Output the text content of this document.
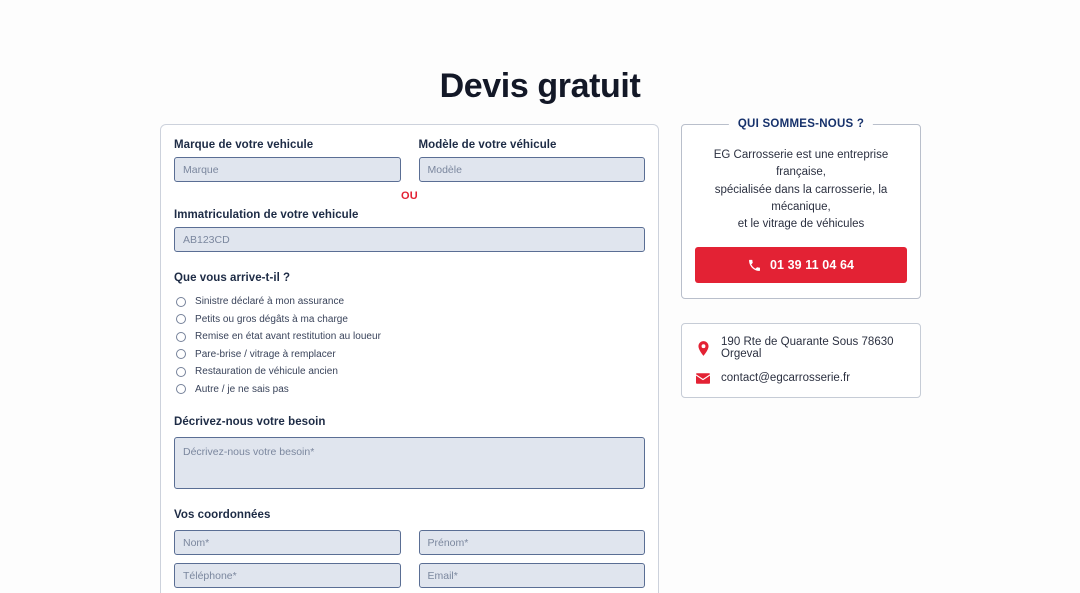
Devis gratuit
Marque de votre vehicule
Marque	Modèle de votre véhicule
Modèle
OU
Immatriculation de votre vehicule
AB123CD
Que vous arrive-t-il ?
Sinistre déclaré à mon assurance
Petits ou gros dégâts à ma charge
Remise en état avant restitution au loueur
Pare-brise / vitrage à remplacer
Restauration de véhicule ancien
Autre / je ne sais pas
Décrivez-nous votre besoin
Décrivez-nous votre besoin*
Vos coordonnées
Nom*
Prénom*
Téléphone*
Email*
QUI SOMMES-NOUS ?

EG Carrosserie est une entreprise française,
spécialisée dans la carrosserie, la mécanique,
et le vitrage de véhicules

01 39 11 04 64
190 Rte de Quarante Sous 78630 Orgeval
contact@egcarrosserie.fr
